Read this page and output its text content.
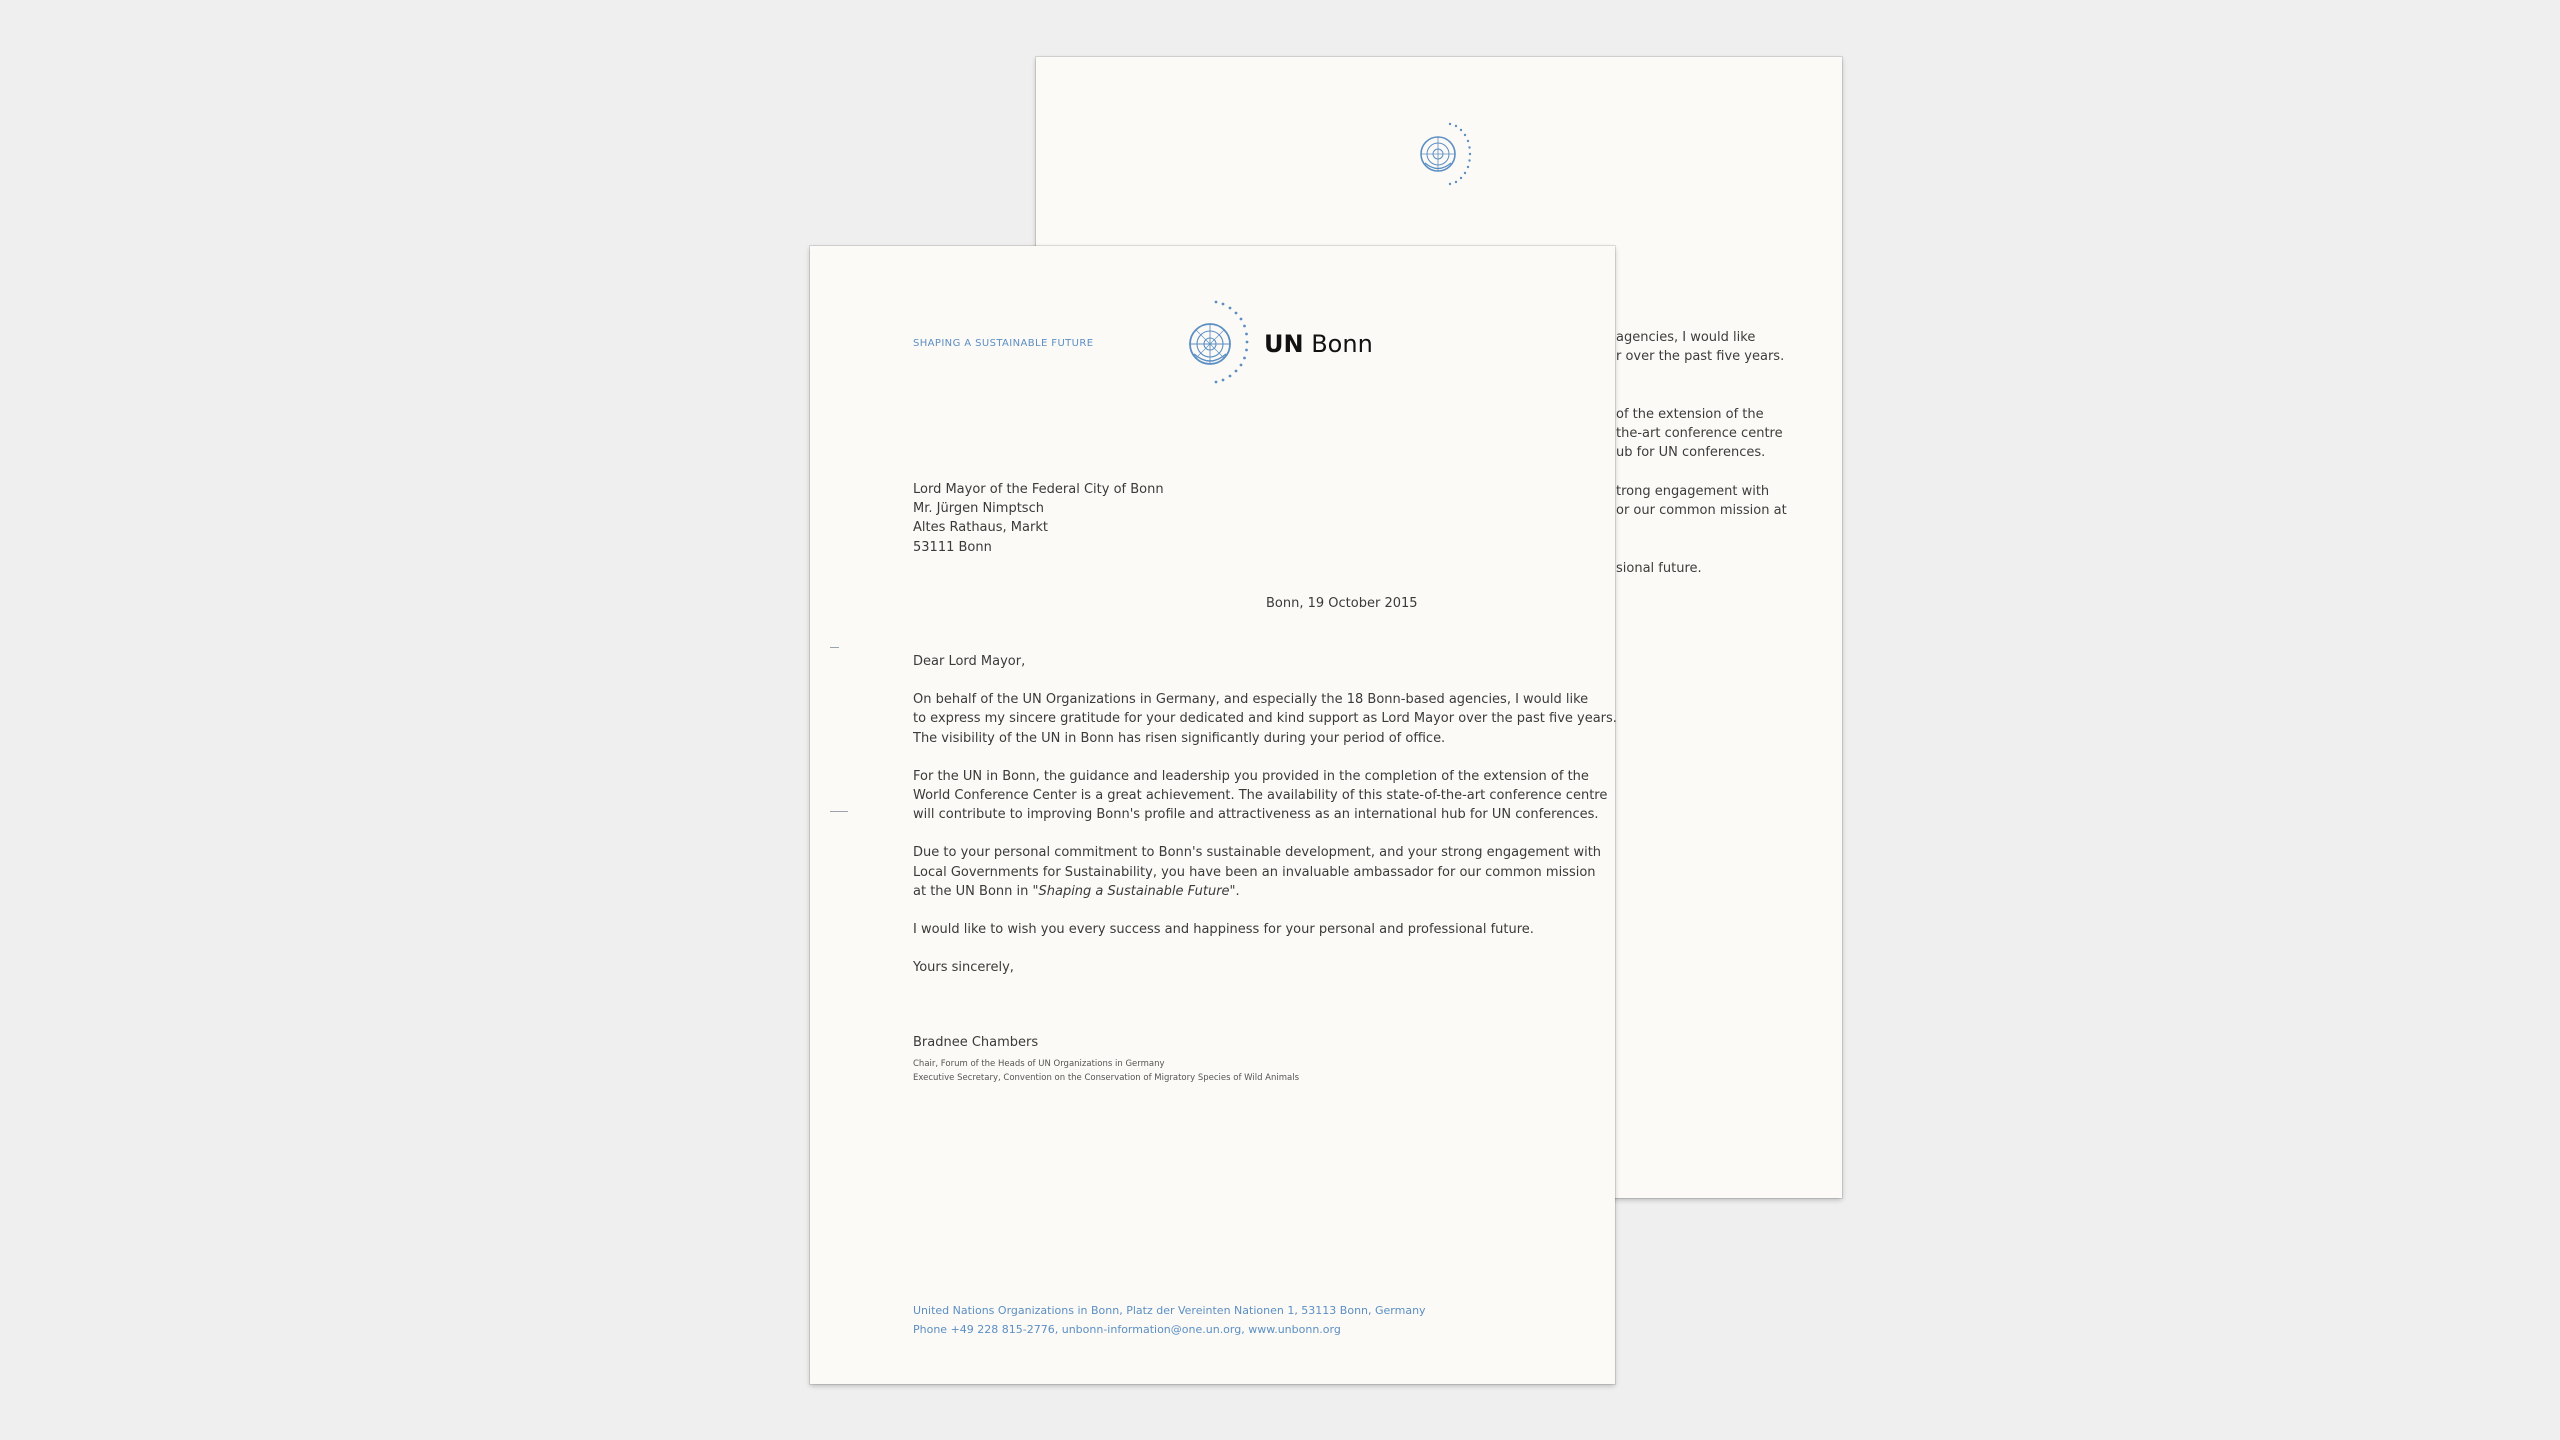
agencies, I would like
r over the past five years.
of the extension of the
the-art conference centre
ub for UN conferences.
trong engagement with
or our common mission at
sional future.
SHAPING A SUSTAINABLE FUTURE	UN Bonn
Lord Mayor of the Federal City of Bonn
Mr. Jürgen Nimptsch
Altes Rathaus, Markt
53111 Bonn
Bonn, 19 October 2015

Dear Lord Mayor,

On behalf of the UN Organizations in Germany, and especially the 18 Bonn-based agencies, I would like
to express my sincere gratitude for your dedicated and kind support as Lord Mayor over the past five years.
The visibility of the UN in Bonn has risen significantly during your period of office.

For the UN in Bonn, the guidance and leadership you provided in the completion of the extension of the
World Conference Center is a great achievement. The availability of this state-of-the-art conference centre
will contribute to improving Bonn's profile and attractiveness as an international hub for UN conferences.

Due to your personal commitment to Bonn's sustainable development, and your strong engagement with
Local Governments for Sustainability, you have been an invaluable ambassador for our common mission
at the UN Bonn in "Shaping a Sustainable Future".

I would like to wish you every success and happiness for your personal and professional future.

Yours sincerely,

Bradnee Chambers
Chair, Forum of the Heads of UN Organizations in Germany
Executive Secretary, Convention on the Conservation of Migratory Species of Wild Animals
United Nations Organizations in Bonn, Platz der Vereinten Nationen 1, 53113 Bonn, Germany
Phone +49 228 815-2776, unbonn-information@one.un.org, www.unbonn.org
